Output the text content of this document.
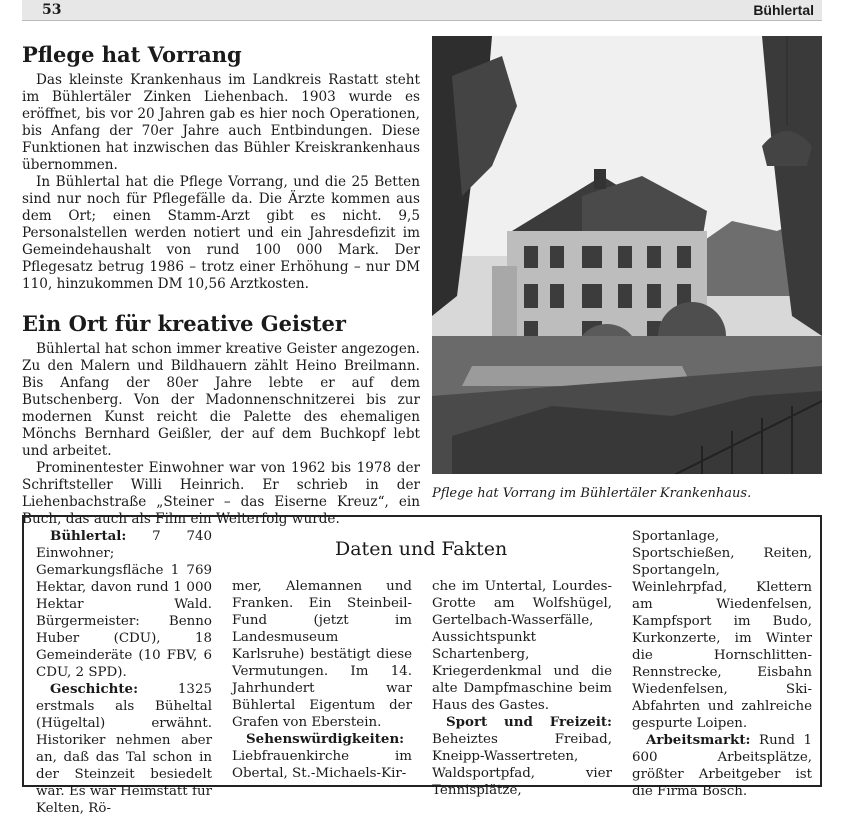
53	Bühlertal
Pflege hat Vorrang

Das kleinste Krankenhaus im Landkreis Rastatt steht im Bühlertäler Zinken Liehenbach. 1903 wurde es eröffnet, bis vor 20 Jahren gab es hier noch Operationen, bis Anfang der 70er Jahre auch Entbindungen. Diese Funktionen hat inzwischen das Bühler Kreiskrankenhaus übernommen.

In Bühlertal hat die Pflege Vorrang, und die 25 Betten sind nur noch für Pflegefälle da. Die Ärzte kommen aus dem Ort; einen Stamm-Arzt gibt es nicht. 9,5 Personalstellen werden notiert und ein Jahresdefizit im Gemeindehaushalt von rund 100 000 Mark. Der Pflegesatz betrug 1986 – trotz einer Erhöhung – nur DM 110, hinzukommen DM 10,56 Arztkosten.

Ein Ort für kreative Geister

Bühlertal hat schon immer kreative Geister angezogen. Zu den Malern und Bildhauern zählt Heino Breilmann. Bis Anfang der 80er Jahre lebte er auf dem Butschenberg. Von der Madonnenschnitzerei bis zur modernen Kunst reicht die Palette des ehemaligen Mönchs Bernhard Geißler, der auf dem Buchkopf lebt und arbeitet.

Prominentester Einwohner war von 1962 bis 1978 der Schriftsteller Willi Heinrich. Er schrieb in der Liehenbachstraße „Steiner – das Eiserne Kreuz“, ein Buch, das auch als Film ein Welterfolg wurde.

Pflege hat Vorrang im Bühlertäler Krankenhaus.
Daten und Fakten

Bühlertal: 7 740 Einwohner; Gemarkungsfläche 1 769 Hektar, davon rund 1 000 Hektar Wald. Bürgermeister: Benno Huber (CDU), 18 Gemeinderäte (10 FBV, 6 CDU, 2 SPD).

Geschichte: 1325 erstmals als Büheltal (Hügeltal) erwähnt. Historiker nehmen aber an, daß das Tal schon in der Steinzeit besiedelt war. Es war Heimstatt für Kelten, Rö-

mer, Alemannen und Franken. Ein Steinbeil-Fund (jetzt im Landesmuseum Karlsruhe) bestätigt diese Vermutungen. Im 14. Jahrhundert war Bühlertal Eigentum der Grafen von Eberstein.

Sehenswürdigkeiten:

Liebfrauenkirche im Obertal, St.-Michaels-Kir-

che im Untertal, Lourdes-Grotte am Wolfshügel, Gertelbach-Wasserfälle, Aussichtspunkt Schartenberg, Kriegerdenkmal und die alte Dampfmaschine beim Haus des Gastes.

Sport und Freizeit: Beheiztes Freibad, Kneipp-Wassertreten, Waldsportpfad, vier Tennisplätze,

Sportanlage, Sportschießen, Reiten, Sportangeln, Weinlehrpfad, Klettern am Wiedenfelsen, Kampfsport im Budo, Kurkonzerte, im Winter die Hornschlitten-Rennstrecke, Eisbahn Wiedenfelsen, Ski-Abfahrten und zahlreiche gespurte Loipen.

Arbeitsmarkt: Rund 1 600 Arbeitsplätze, größter Arbeitgeber ist die Firma Bosch.
